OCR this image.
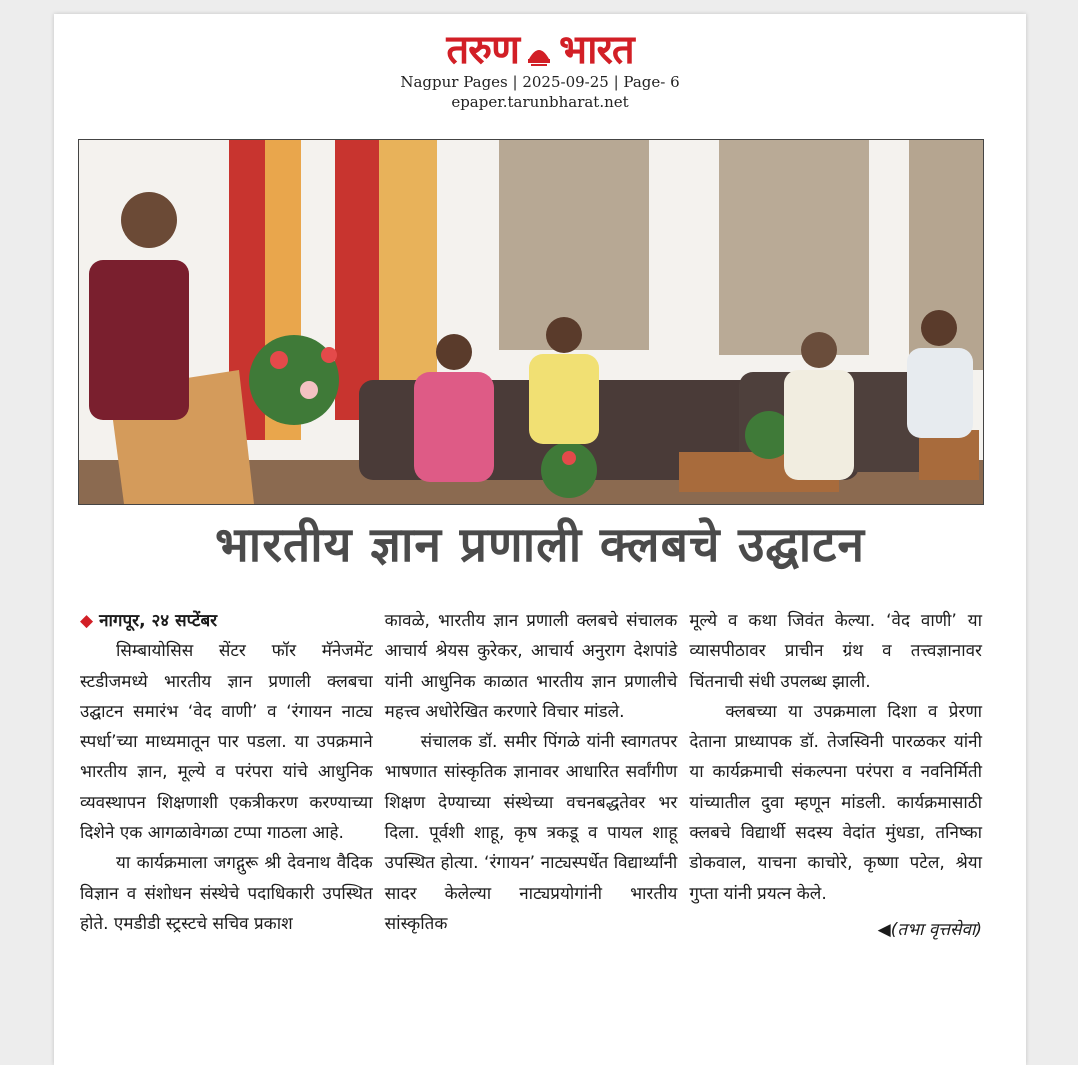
तरुण भारत
Nagpur Pages | 2025-09-25 | Page- 6
epaper.tarunbharat.net
भारतीय ज्ञान प्रणाली क्लबचे उद्घाटन

◆ नागपूर, २४ सप्टेंबर

सिम्बायोसिस सेंटर फॉर मॅनेजमेंट स्टडीजमध्ये भारतीय ज्ञान प्रणाली क्लबचा उद्घाटन समारंभ ‘वेद वाणी’ व ‘रंगायन नाट्य स्पर्धा’च्या माध्यमातून पार पडला. या उपक्रमाने भारतीय ज्ञान, मूल्ये व परंपरा यांचे आधुनिक व्यवस्थापन शिक्षणाशी एकत्रीकरण करण्याच्या दिशेने एक आगळावेगळा टप्पा गाठला आहे.

या कार्यक्रमाला जगद्गुरू श्री देवनाथ वैदिक विज्ञान व संशोधन संस्थेचे पदाधिकारी उपस्थित होते. एमडीडी स्ट्रस्टचे सचिव प्रकाश

कावळे, भारतीय ज्ञान प्रणाली क्लबचे संचालक आचार्य श्रेयस कुरेकर, आचार्य अनुराग देशपांडे यांनी आधुनिक काळात भारतीय ज्ञान प्रणालीचे महत्त्व अधोरेखित करणारे विचार मांडले.

संचालक डॉ. समीर पिंगळे यांनी स्वागतपर भाषणात सांस्कृतिक ज्ञानावर आधारित सर्वांगीण शिक्षण देण्याच्या संस्थेच्या वचनबद्धतेवर भर दिला. पूर्वशी शाहू, कृष त्रकडू व पायल शाहू उपस्थित होत्या. ‘रंगायन’ नाट्यस्पर्धेत विद्यार्थ्यांनी सादर केलेल्या नाट्यप्रयोगांनी भारतीय सांस्कृतिक

मूल्ये व कथा जिवंत केल्या. ‘वेद वाणी’ या व्यासपीठावर प्राचीन ग्रंथ व तत्त्वज्ञानावर चिंतनाची संधी उपलब्ध झाली.

क्लबच्या या उपक्रमाला दिशा व प्रेरणा देताना प्राध्यापक डॉ. तेजस्विनी पारळकर यांनी या कार्यक्रमाची संकल्पना परंपरा व नवनिर्मिती यांच्यातील दुवा म्हणून मांडली. कार्यक्रमासाठी क्लबचे विद्यार्थी सदस्य वेदांत मुंधडा, तनिष्का डोकवाल, याचना काचोरे, कृष्णा पटेल, श्रेया गुप्ता यांनी प्रयत्न केले.

◀(तभा वृत्तसेवा)
